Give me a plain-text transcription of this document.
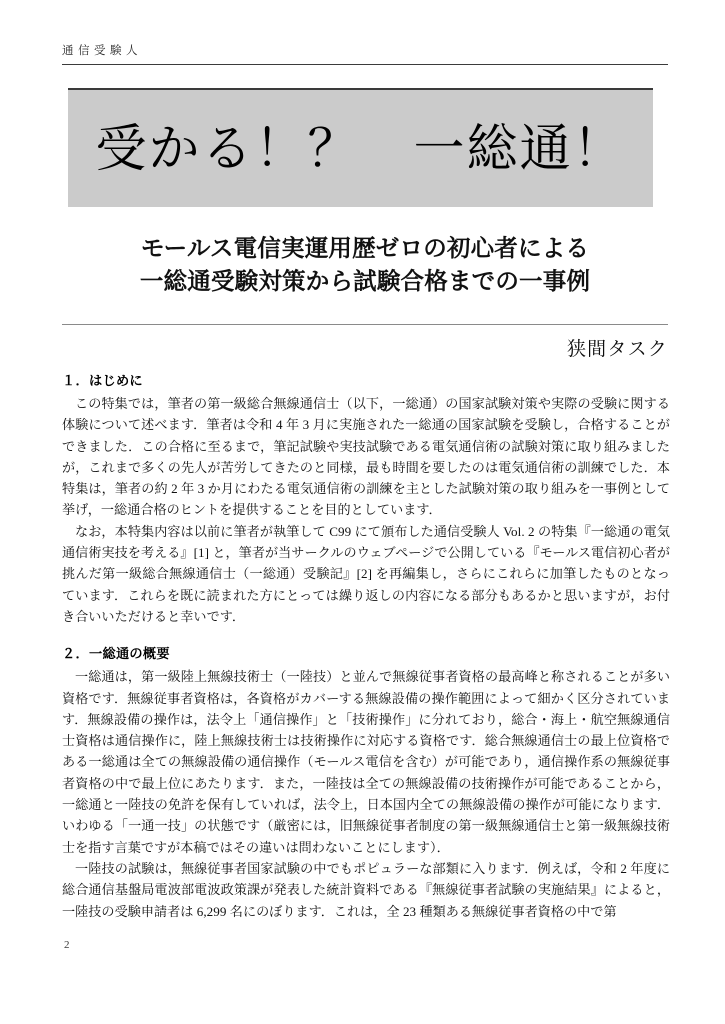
通信受験人
受かる！？　一総通！
モールス電信実運用歴ゼロの初心者による
一総通受験対策から試験合格までの一事例
狭間タスク
１．はじめに

この特集では，筆者の第一級総合無線通信士（以下，一総通）の国家試験対策や実際の受験に関する体験について述べます．筆者は令和 4 年 3 月に実施された一総通の国家試験を受験し，合格することができました．この合格に至るまで，筆記試験や実技試験である電気通信術の試験対策に取り組みましたが，これまで多くの先人が苦労してきたのと同様，最も時間を要したのは電気通信術の訓練でした．本特集は，筆者の約 2 年 3 か月にわたる電気通信術の訓練を主とした試験対策の取り組みを一事例として挙げ，一総通合格のヒントを提供することを目的としています．

なお，本特集内容は以前に筆者が執筆して C99 にて頒布した通信受験人 Vol. 2 の特集『一総通の電気通信術実技を考える』[1] と，筆者が当サークルのウェブページで公開している『モールス電信初心者が挑んだ第一級総合無線通信士（一総通）受験記』[2] を再編集し，さらにこれらに加筆したものとなっています．これらを既に読まれた方にとっては繰り返しの内容になる部分もあるかと思いますが，お付き合いいただけると幸いです．

２．一総通の概要

一総通は，第一級陸上無線技術士（一陸技）と並んで無線従事者資格の最高峰と称されることが多い資格です．無線従事者資格は，各資格がカバーする無線設備の操作範囲によって細かく区分されています．無線設備の操作は，法令上「通信操作」と「技術操作」に分れており，総合・海上・航空無線通信士資格は通信操作に，陸上無線技術士は技術操作に対応する資格です．総合無線通信士の最上位資格である一総通は全ての無線設備の通信操作（モールス電信を含む）が可能であり，通信操作系の無線従事者資格の中で最上位にあたります．また，一陸技は全ての無線設備の技術操作が可能であることから，一総通と一陸技の免許を保有していれば，法令上，日本国内全ての無線設備の操作が可能になります．いわゆる「一通一技」の状態です（厳密には，旧無線従事者制度の第一級無線通信士と第一級無線技術士を指す言葉ですが本稿ではその違いは問わないことにします）．

一陸技の試験は，無線従事者国家試験の中でもポピュラーな部類に入ります．例えば，令和 2 年度に総合通信基盤局電波部電波政策課が発表した統計資料である『無線従事者試験の実施結果』によると，一陸技の受験申請者は 6,299 名にのぼります．これは，全 23 種類ある無線従事者資格の中で第

2
